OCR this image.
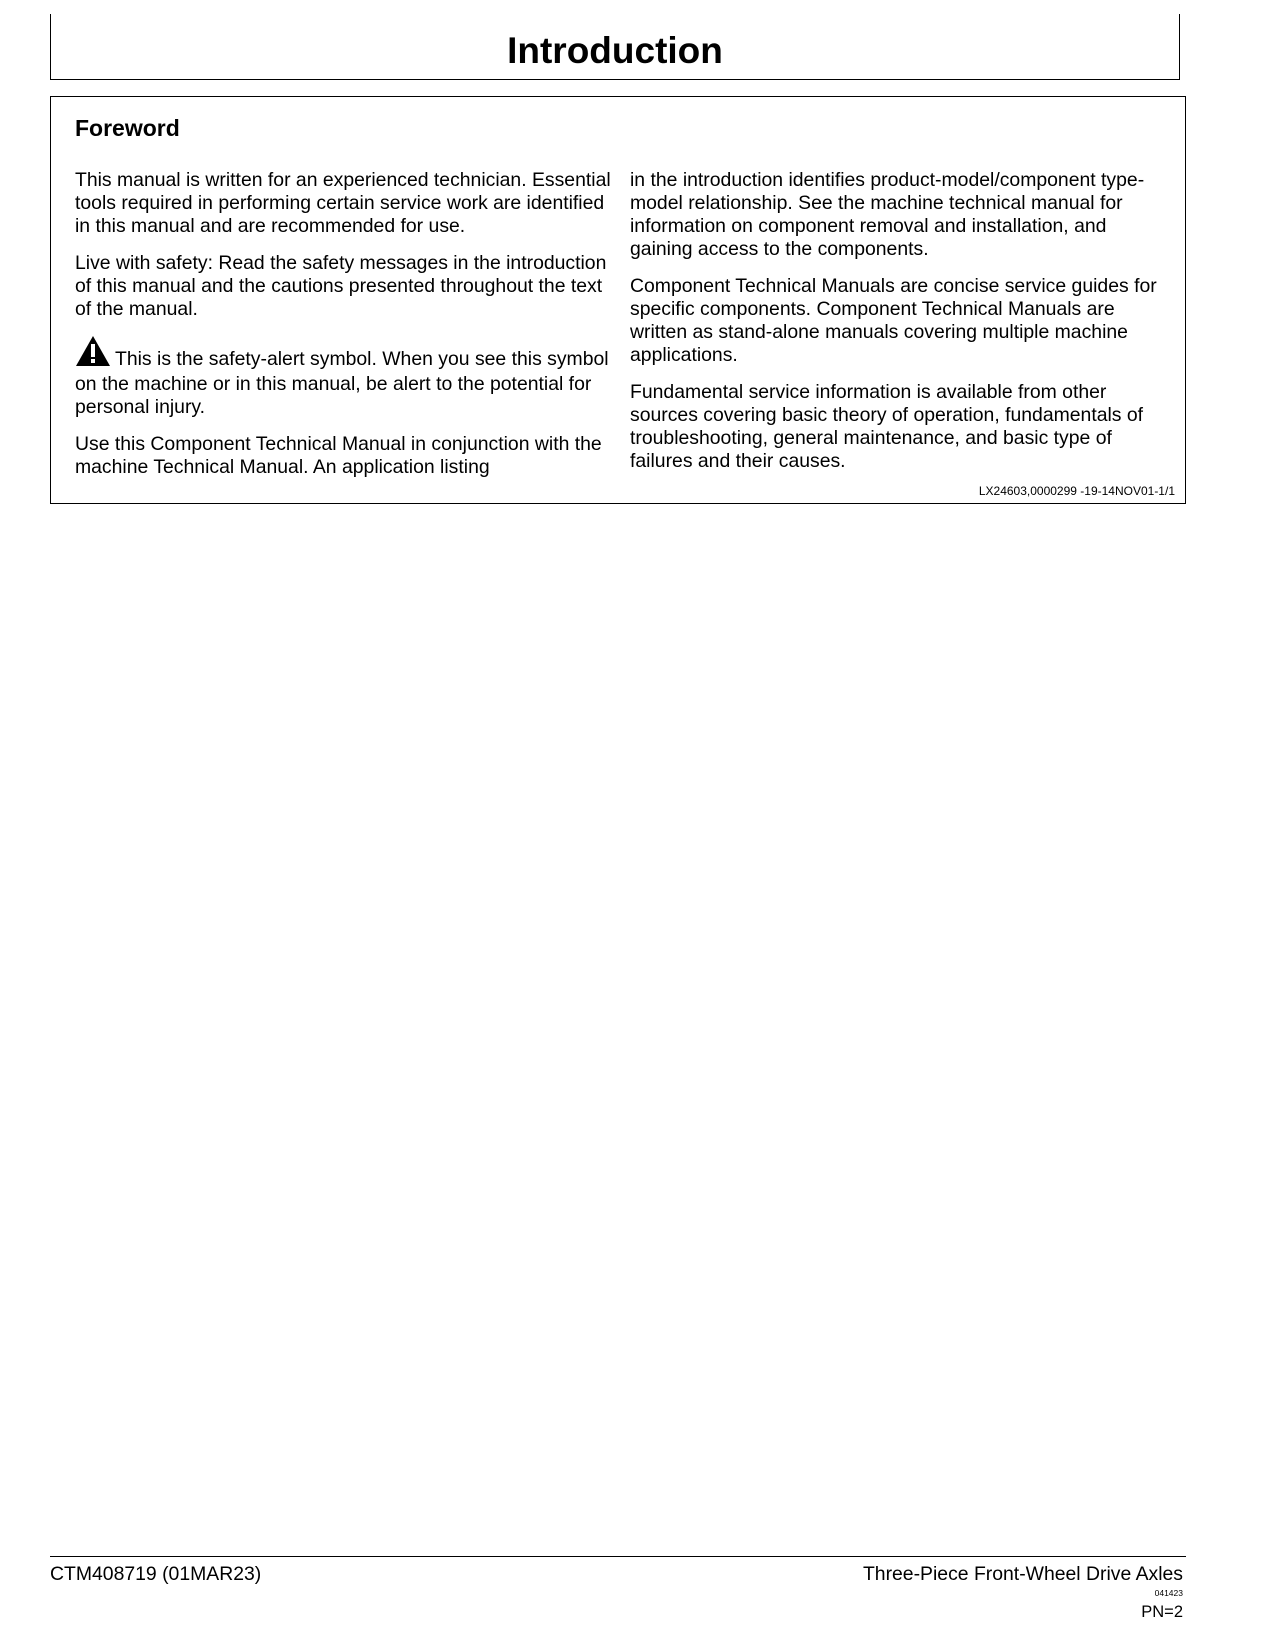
Introduction
Foreword

This manual is written for an experienced technician. Essential tools required in performing certain service work are identified in this manual and are recommended for use.

Live with safety: Read the safety messages in the introduction of this manual and the cautions presented throughout the text of the manual.

This is the safety-alert symbol. When you see this symbol on the machine or in this manual, be alert to the potential for personal injury.

Use this Component Technical Manual in conjunction with the machine Technical Manual. An application listing

in the introduction identifies product-model/component type-model relationship. See the machine technical manual for information on component removal and installation, and gaining access to the components.

Component Technical Manuals are concise service guides for specific components. Component Technical Manuals are written as stand-alone manuals covering multiple machine applications.

Fundamental service information is available from other sources covering basic theory of operation, fundamentals of troubleshooting, general maintenance, and basic type of failures and their causes.

LX24603,0000299 -19-14NOV01-1/1
CTM408719 (01MAR23)	Three-Piece Front-Wheel Drive Axles
041423
PN=2
